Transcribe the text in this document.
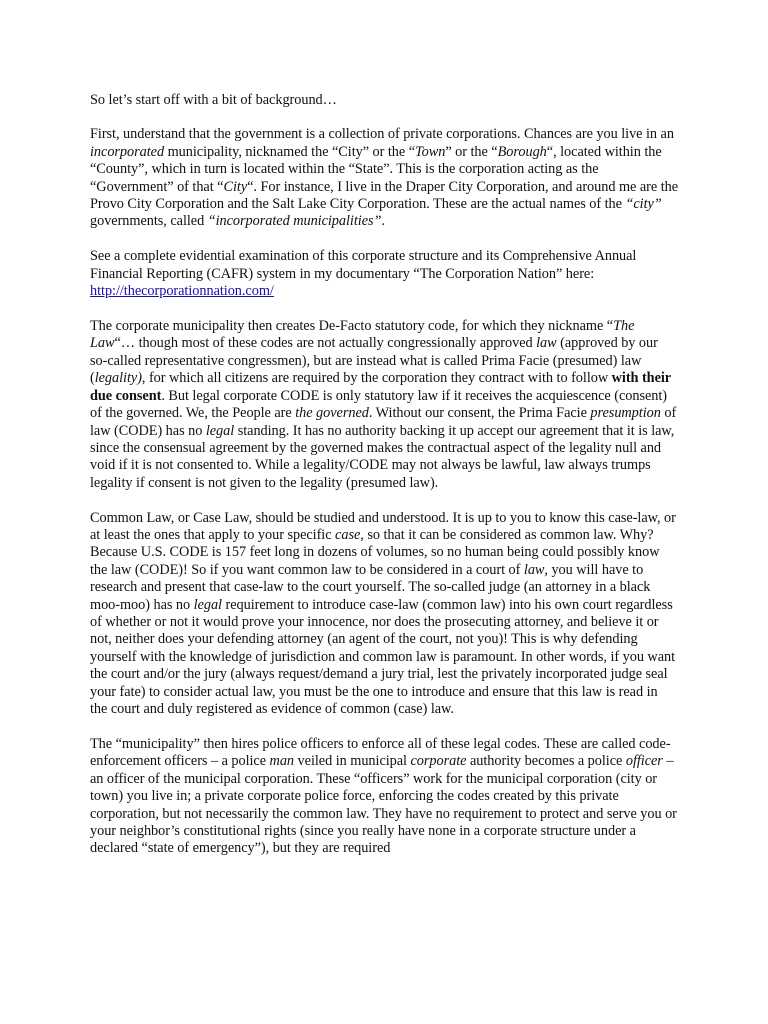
So let’s start off with a bit of background…

First, understand that the government is a collection of private corporations. Chances are you live in an incorporated municipality, nicknamed the “City” or the “Town” or the “Borough“, located within the “County”, which in turn is located within the “State”. This is the corporation acting as the “Government” of that “City“. For instance, I live in the Draper City Corporation, and around me are the Provo City Corporation and the Salt Lake City Corporation. These are the actual names of the “city” governments, called “incorporated municipalities”.

See a complete evidential examination of this corporate structure and its Comprehensive Annual Financial Reporting (CAFR) system in my documentary “The Corporation Nation” here:
http://thecorporationnation.com/

The corporate municipality then creates De-Facto statutory code, for which they nickname “The Law“… though most of these codes are not actually congressionally approved law (approved by our so-called representative congressmen), but are instead what is called Prima Facie (presumed) law (legality), for which all citizens are required by the corporation they contract with to follow with their due consent. But legal corporate CODE is only statutory law if it receives the acquiescence (consent) of the governed. We, the People are the governed. Without our consent, the Prima Facie presumption of law (CODE) has no legal standing. It has no authority backing it up accept our agreement that it is law, since the consensual agreement by the governed makes the contractual aspect of the legality null and void if it is not consented to. While a legality/CODE may not always be lawful, law always trumps legality if consent is not given to the legality (presumed law).

Common Law, or Case Law, should be studied and understood. It is up to you to know this case-law, or at least the ones that apply to your specific case, so that it can be considered as common law. Why? Because U.S. CODE is 157 feet long in dozens of volumes, so no human being could possibly know the law (CODE)! So if you want common law to be considered in a court of law, you will have to research and present that case-law to the court yourself. The so-called judge (an attorney in a black moo-moo) has no legal requirement to introduce case-law (common law) into his own court regardless of whether or not it would prove your innocence, nor does the prosecuting attorney, and believe it or not, neither does your defending attorney (an agent of the court, not you)! This is why defending yourself with the knowledge of jurisdiction and common law is paramount. In other words, if you want the court and/or the jury (always request/demand a jury trial, lest the privately incorporated judge seal your fate) to consider actual law, you must be the one to introduce and ensure that this law is read in the court and duly registered as evidence of common (case) law.

The “municipality” then hires police officers to enforce all of these legal codes. These are called code-enforcement officers – a police man veiled in municipal corporate authority becomes a police officer – an officer of the municipal corporation. These “officers” work for the municipal corporation (city or town) you live in; a private corporate police force, enforcing the codes created by this private corporation, but not necessarily the common law. They have no requirement to protect and serve you or your neighbor’s constitutional rights (since you really have none in a corporate structure under a declared “state of emergency”), but they are required
